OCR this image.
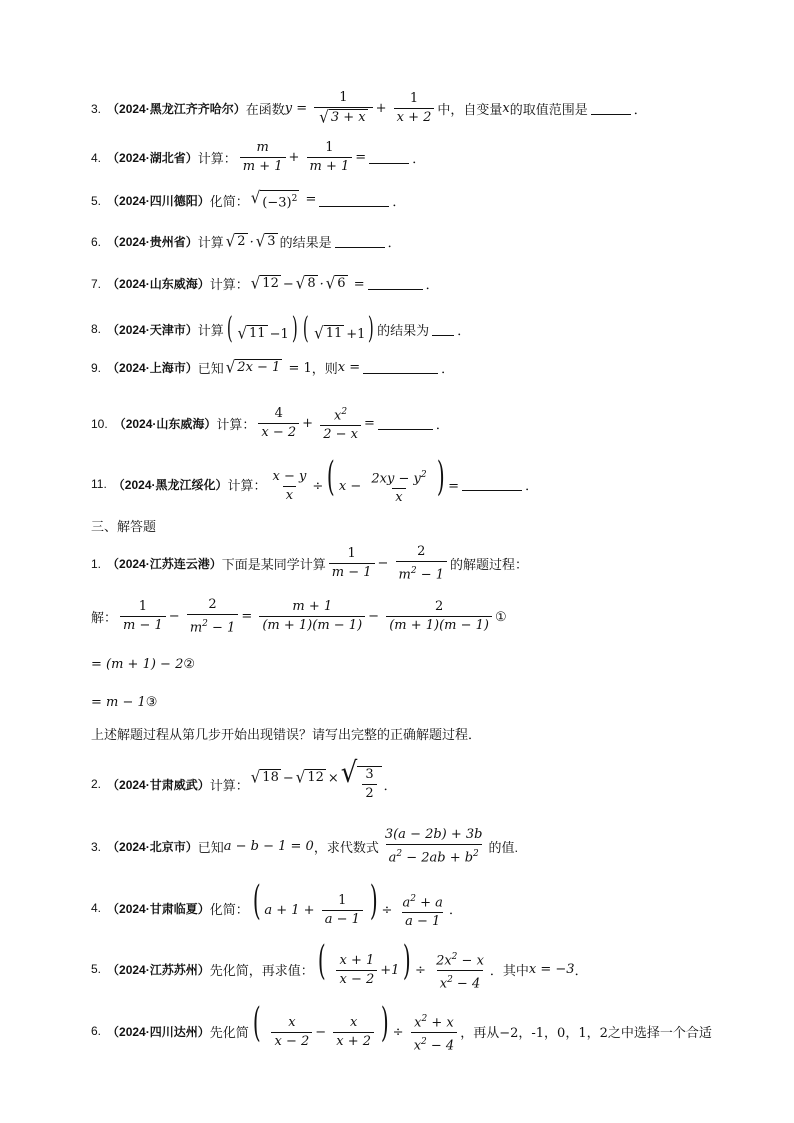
3. （2024·黑龙江齐齐哈尔） 在函数 $y = \frac{1}{√ 3 + x} + \frac{1}{x + 2}$ 中，自变量 x 的取值范围是	．
4. （2024·湖北省） 计算： $\frac{m}{m + 1} + \frac{1}{m + 1}$ =	．
5. （2024·四川德阳） 化简： √ $(-3)^2$ =	．
6. （2024·贵州省） 计算 √ 2 · √ 3 的结果是	．
7. （2024·山东威海） 计算： √ 12 − √ 8 · √ 6 =	．
8. （2024·天津市） 计算 ( √ 11 −1) ( √ 11 +1) 的结果为 ．
9. （2024·上海市） 已知 √ 2x − 1 = 1 ，则 x =	．
10. （2024·山东威海） 计算： $\frac{4}{x - 2} + \frac{x^2}{2 - x}$ =	．
11. （2024·黑龙江绥化） 计算： $\frac{x - y}{x}$ ÷( $x - \frac{2xy - y^2}{x}$ ) =	．
三、解答题
1. （2024·江苏连云港） 下面是某同学计算 $\frac{1}{m - 1} - \frac{2}{m^2 - 1}$ 的解题过程：
解： $\frac{1}{m - 1} - \frac{2}{m^2 - 1} = \frac{m + 1}{(m + 1)(m - 1)} - \frac{2}{(m + 1)(m - 1)}$ ①
= (m + 1) − 2 ②
= m − 1 ③
上述解题过程从第几步开始出现错误？请写出完整的正确解题过程．
2. （2024·甘肃威武） 计算： √ 18 − √ 12 × √ $\frac{3}{2}$ ．
3. （2024·北京市） 已知 a − b − 1 = 0 ，求代数式 $\frac{3(a - 2b) + 3b}{a^2 - 2ab + b^2}$ 的值.
4. （2024·甘肃临夏） 化简： ( $a + 1 + \frac{1}{a - 1}$ ) ÷ $\frac{a^2 + a}{a - 1}$ ．
5. （2024·江苏苏州） 先化简，再求值： ( $\frac{x + 1}{x - 2} +1) \div \frac{2x^2 - x}{x^2 - 4}$ ．其中 x = −3 ．
6. （2024·四川达州） 先化简 ( $\frac{x}{x - 2} - \frac{x}{x + 2}$ ) ÷ $\frac{x^2 + x}{x^2 - 4}$ ，再从 −2，-1，0，1，2 之中选择一个合适
